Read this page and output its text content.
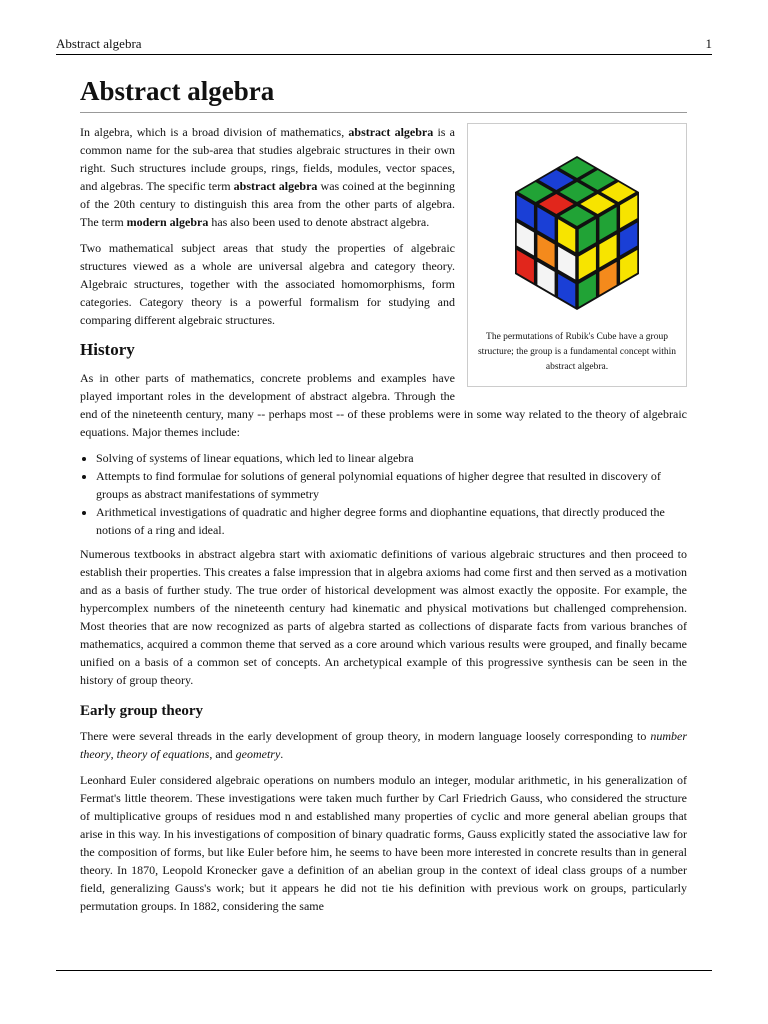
Abstract algebra	1
Abstract algebra
The permutations of Rubik's Cube have a group structure; the group is a fundamental concept within abstract algebra.

In algebra, which is a broad division of mathematics, abstract algebra is a common name for the sub-area that studies algebraic structures in their own right. Such structures include groups, rings, fields, modules, vector spaces, and algebras. The specific term abstract algebra was coined at the beginning of the 20th century to distinguish this area from the other parts of algebra. The term modern algebra has also been used to denote abstract algebra.

Two mathematical subject areas that study the properties of algebraic structures viewed as a whole are universal algebra and category theory. Algebraic structures, together with the associated homomorphisms, form categories. Category theory is a powerful formalism for studying and comparing different algebraic structures.

History

As in other parts of mathematics, concrete problems and examples have played important roles in the development of abstract algebra. Through the end of the nineteenth century, many -- perhaps most -- of these problems were in some way related to the theory of algebraic equations. Major themes include:

• Solving of systems of linear equations, which led to linear algebra
• Attempts to find formulae for solutions of general polynomial equations of higher degree that resulted in discovery of groups as abstract manifestations of symmetry
• Arithmetical investigations of quadratic and higher degree forms and diophantine equations, that directly produced the notions of a ring and ideal.

Numerous textbooks in abstract algebra start with axiomatic definitions of various algebraic structures and then proceed to establish their properties. This creates a false impression that in algebra axioms had come first and then served as a motivation and as a basis of further study. The true order of historical development was almost exactly the opposite. For example, the hypercomplex numbers of the nineteenth century had kinematic and physical motivations but challenged comprehension. Most theories that are now recognized as parts of algebra started as collections of disparate facts from various branches of mathematics, acquired a common theme that served as a core around which various results were grouped, and finally became unified on a basis of a common set of concepts. An archetypical example of this progressive synthesis can be seen in the history of group theory.

Early group theory

There were several threads in the early development of group theory, in modern language loosely corresponding to number theory, theory of equations, and geometry.

Leonhard Euler considered algebraic operations on numbers modulo an integer, modular arithmetic, in his generalization of Fermat's little theorem. These investigations were taken much further by Carl Friedrich Gauss, who considered the structure of multiplicative groups of residues mod n and established many properties of cyclic and more general abelian groups that arise in this way. In his investigations of composition of binary quadratic forms, Gauss explicitly stated the associative law for the composition of forms, but like Euler before him, he seems to have been more interested in concrete results than in general theory. In 1870, Leopold Kronecker gave a definition of an abelian group in the context of ideal class groups of a number field, generalizing Gauss's work; but it appears he did not tie his definition with previous work on groups, particularly permutation groups. In 1882, considering the same
